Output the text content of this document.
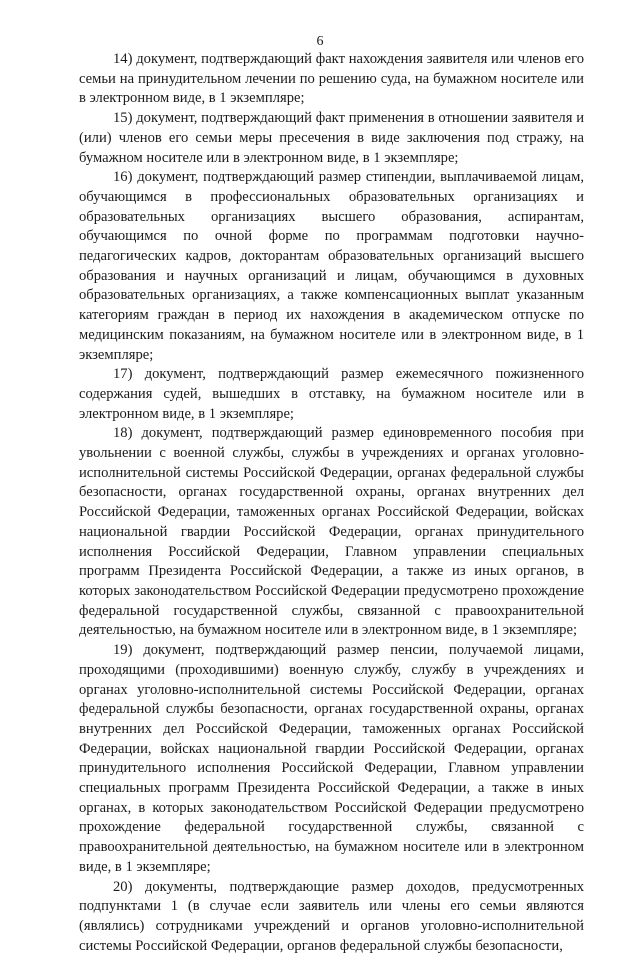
6

14) документ, подтверждающий факт нахождения заявителя или членов его семьи на принудительном лечении по решению суда, на бумажном носителе или в электронном виде, в 1 экземпляре;

15) документ, подтверждающий факт применения в отношении заявителя и (или) членов его семьи меры пресечения в виде заключения под стражу, на бумажном носителе или в электронном виде, в 1 экземпляре;

16) документ, подтверждающий размер стипендии, выплачиваемой лицам, обучающимся в профессиональных образовательных организациях и образовательных организациях высшего образования, аспирантам, обучающимся по очной форме по программам подготовки научно-педагогических кадров, докторантам образовательных организаций высшего образования и научных организаций и лицам, обучающимся в духовных образовательных организациях, а также компенсационных выплат указанным категориям граждан в период их нахождения в академическом отпуске по медицинским показаниям, на бумажном носителе или в электронном виде, в 1 экземпляре;

17) документ, подтверждающий размер ежемесячного пожизненного содержания судей, вышедших в отставку, на бумажном носителе или в электронном виде, в 1 экземпляре;

18) документ, подтверждающий размер единовременного пособия при увольнении с военной службы, службы в учреждениях и органах уголовно-исполнительной системы Российской Федерации, органах федеральной службы безопасности, органах государственной охраны, органах внутренних дел Российской Федерации, таможенных органах Российской Федерации, войсках национальной гвардии Российской Федерации, органах принудительного исполнения Российской Федерации, Главном управлении специальных программ Президента Российской Федерации, а также из иных органов, в которых законодательством Российской Федерации предусмотрено прохождение федеральной государственной службы, связанной с правоохранительной деятельностью, на бумажном носителе или в электронном виде, в 1 экземпляре;

19) документ, подтверждающий размер пенсии, получаемой лицами, проходящими (проходившими) военную службу, службу в учреждениях и органах уголовно-исполнительной системы Российской Федерации, органах федеральной службы безопасности, органах государственной охраны, органах внутренних дел Российской Федерации, таможенных органах Российской Федерации, войсках национальной гвардии Российской Федерации, органах принудительного исполнения Российской Федерации, Главном управлении специальных программ Президента Российской Федерации, а также в иных органах, в которых законодательством Российской Федерации предусмотрено прохождение федеральной государственной службы, связанной с правоохранительной деятельностью, на бумажном носителе или в электронном виде, в 1 экземпляре;

20) документы, подтверждающие размер доходов, предусмотренных подпунктами 1 (в случае если заявитель или члены его семьи являются (являлись) сотрудниками учреждений и органов уголовно-исполнительной системы Российской Федерации, органов федеральной службы безопасности,
